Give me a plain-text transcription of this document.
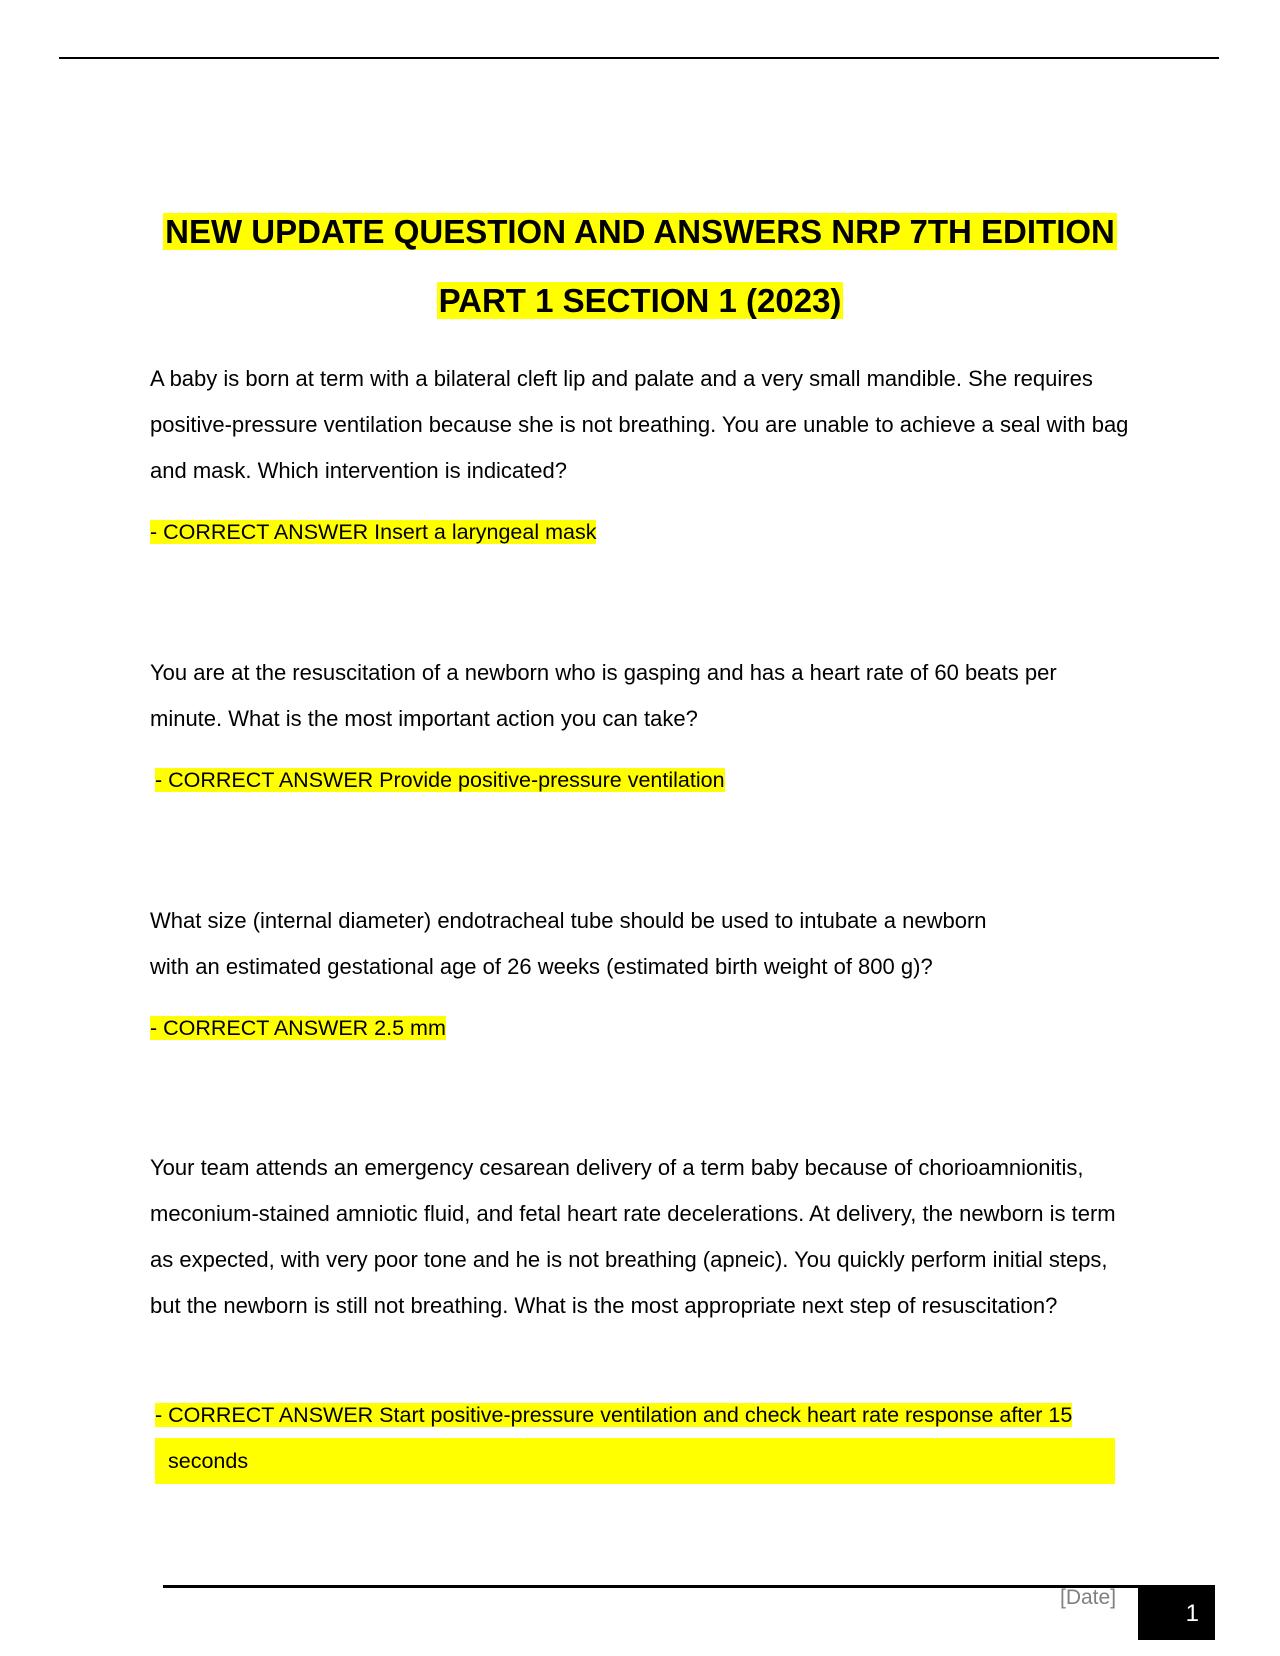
NEW UPDATE QUESTION AND ANSWERS NRP 7TH EDITION
PART 1 SECTION 1 (2023)

A baby is born at term with a bilateral cleft lip and palate and a very small mandible. She requires positive-pressure ventilation because she is not breathing. You are unable to achieve a seal with bag and mask. Which intervention is indicated?

- CORRECT ANSWER Insert a laryngeal mask

You are at the resuscitation of a newborn who is gasping and has a heart rate of 60 beats per minute. What is the most important action you can take?

- CORRECT ANSWER Provide positive-pressure ventilation

What size (internal diameter) endotracheal tube should be used to intubate a newborn
with an estimated gestational age of 26 weeks (estimated birth weight of 800 g)?

- CORRECT ANSWER 2.5 mm

Your team attends an emergency cesarean delivery of a term baby because of chorioamnionitis, meconium-stained amniotic fluid, and fetal heart rate decelerations. At delivery, the newborn is term as expected, with very poor tone and he is not breathing (apneic). You quickly perform initial steps, but the newborn is still not breathing. What is the most appropriate next step of resuscitation?

- CORRECT ANSWER Start positive-pressure ventilation and check heart rate response after 15
seconds

[Date]
1
